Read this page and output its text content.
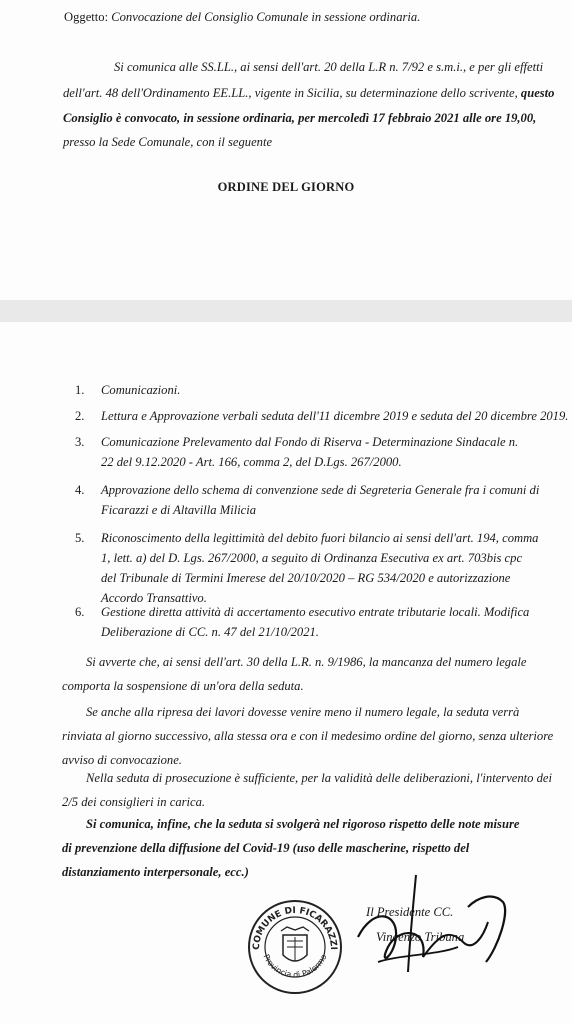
Oggetto: Convocazione del Consiglio Comunale in sessione ordinaria.
Si comunica alle SS.LL., ai sensi dell'art. 20 della L.R n. 7/92 e s.m.i., e per gli effetti
dell'art. 48 dell'Ordinamento EE.LL., vigente in Sicilia, su determinazione dello scrivente, questo
Consiglio è convocato, in sessione ordinaria, per mercoledì 17 febbraio 2021 alle ore 19,00,
presso la Sede Comunale, con il seguente
ORDINE DEL GIORNO
1. Comunicazioni.
2. Lettura e Approvazione verbali seduta dell'11 dicembre 2019 e seduta del 20 dicembre 2019.
3. Comunicazione Prelevamento dal Fondo di Riserva - Determinazione Sindacale n.
22 del 9.12.2020 - Art. 166, comma 2, del D.Lgs. 267/2000.
4. Approvazione dello schema di convenzione sede di Segreteria Generale fra i comuni di
Ficarazzi e di Altavilla Milicia
5. Riconoscimento della legittimità del debito fuori bilancio ai sensi dell'art. 194, comma
1, lett. a) del D. Lgs. 267/2000, a seguito di Ordinanza Esecutiva ex art. 703bis cpc
del Tribunale di Termini Imerese del 20/10/2020 – RG 534/2020 e autorizzazione
Accordo Transattivo.
6. Gestione diretta attività di accertamento esecutivo entrate tributarie locali. Modifica
Deliberazione di CC. n. 47 del 21/10/2021.
Si avverte che, ai sensi dell'art. 30 della L.R. n. 9/1986, la mancanza del numero legale
comporta la sospensione di un'ora della seduta.
Se anche alla ripresa dei lavori dovesse venire meno il numero legale, la seduta verrà
rinviata al giorno successivo, alla stessa ora e con il medesimo ordine del giorno, senza ulteriore
avviso di convocazione.
Nella seduta di prosecuzione è sufficiente, per la validità delle deliberazioni, l'intervento dei
2/5 dei consiglieri in carica.
Si comunica, infine, che la seduta si svolgerà nel rigoroso rispetto delle note misure
di prevenzione della diffusione del Covid-19 (uso delle mascherine, rispetto del
distanziamento interpersonale, ecc.)
Il Presidente CC.
Vincenzo Tribuna
COMUNE DI FICARAZZI
Provincia di Palermo
